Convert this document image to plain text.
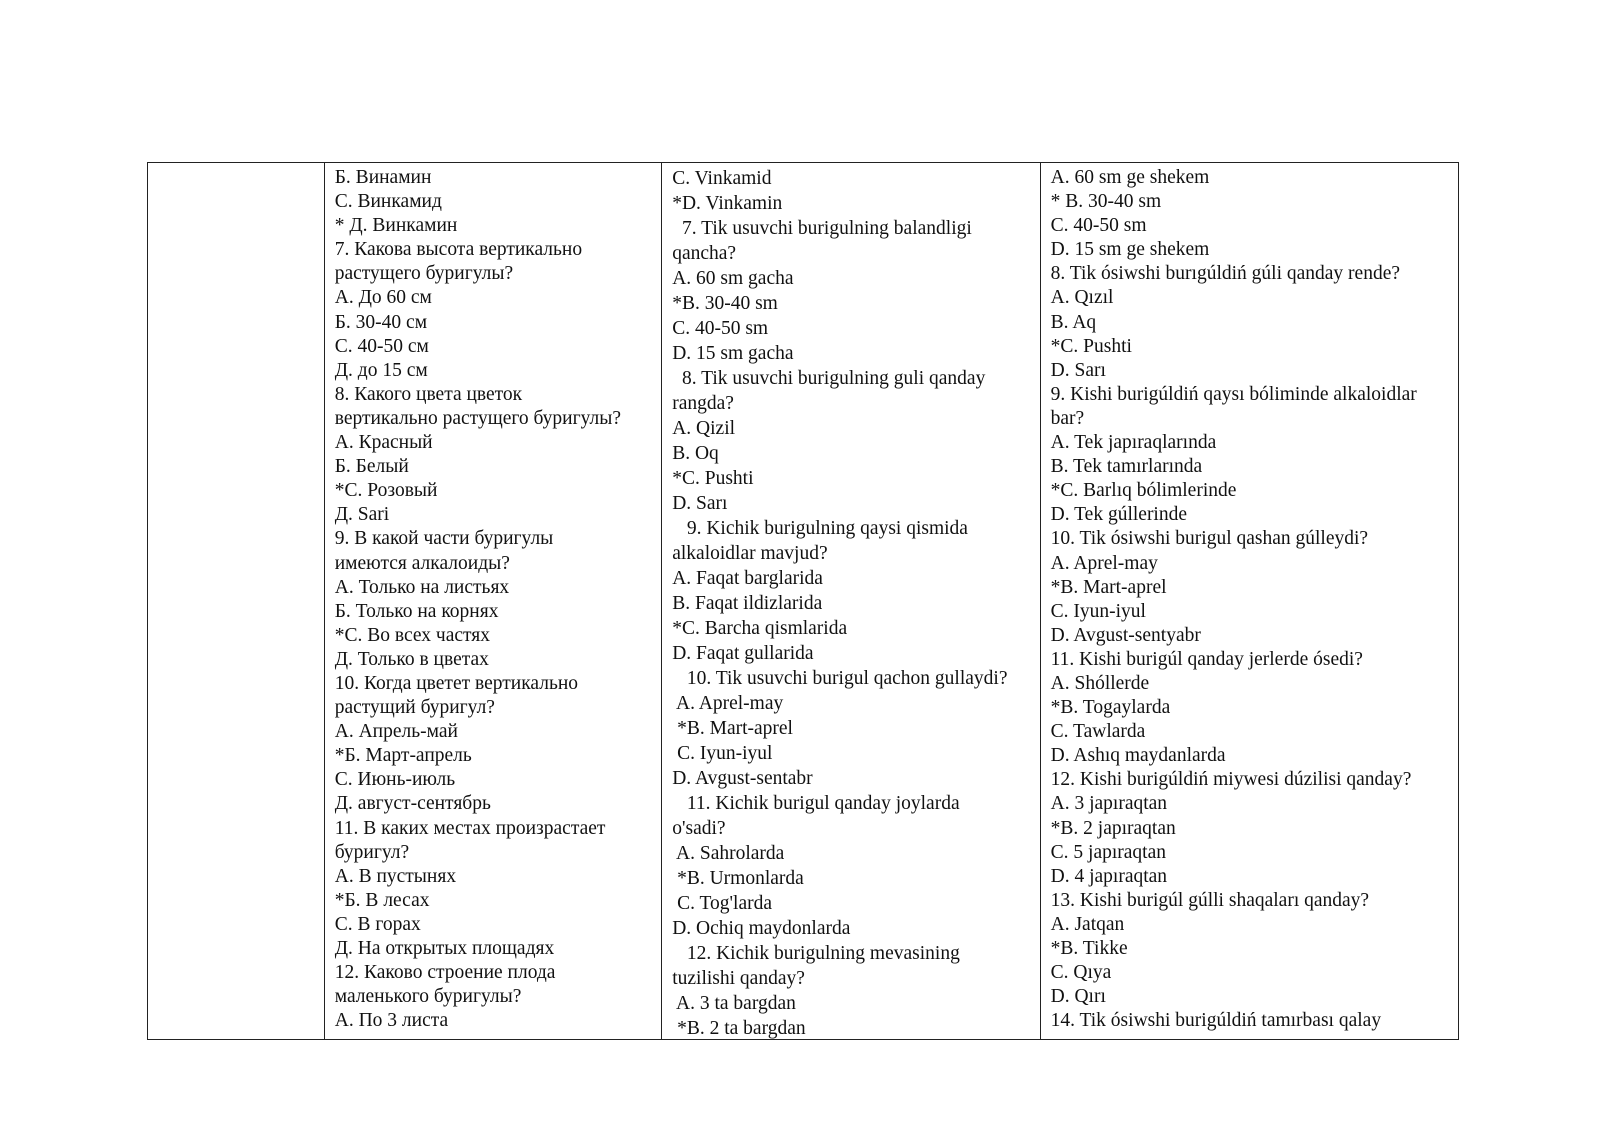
Б. Винамин
С. Винкамид
* Д. Винкамин
7. Какова высота вертикально
растущего буригулы?
А. До 60 см
Б. 30-40 см
С. 40-50 см
Д. до 15 см
8. Какого цвета цветок
вертикально растущего буригулы?
А. Красный
Б. Белый
*С. Розовый
Д. Sari
9. В какой части буригулы
имеются алкалоиды?
А. Только на листьях
Б. Только на корнях
*С. Во всех частях
Д. Только в цветах
10. Когда цветет вертикально
растущий буригул?
А. Апрель-май
*Б. Март-апрель
С. Июнь-июль
Д. август-сентябрь
11. В каких местах произрастает
буригул?
А. В пустынях
*Б. В лесах
С. В горах
Д. На открытых площадях
12. Каково строение плода
маленького буригулы?
А. По 3 листа
C. Vinkamid
*D. Vinkamin
7. Tik usuvchi burigulning balandligi
qancha?
A. 60 sm gacha
*B. 30-40 sm
C. 40-50 sm
D. 15 sm gacha
8. Tik usuvchi burigulning guli qanday
rangda?
A. Qizil
B. Oq
*C. Pushti
D. Sarı
9. Kichik burigulning qaysi qismida
alkaloidlar mavjud?
A. Faqat barglarida
B. Faqat ildizlarida
*C. Barcha qismlarida
D. Faqat gullarida
10. Tik usuvchi burigul qachon gullaydi?
A. Aprel-may
*B. Mart-aprel
C. Iyun-iyul
D. Avgust-sentabr
11. Kichik burigul qanday joylarda
o'sadi?
A. Sahrolarda
*B. Urmonlarda
C. Tog'larda
D. Ochiq maydonlarda
12. Kichik burigulning mevasining
tuzilishi qanday?
A. 3 ta bargdan
*B. 2 ta bargdan
A. 60 sm ge shekem
* B. 30-40 sm
C. 40-50 sm
D. 15 sm ge shekem
8. Tik ósiwshi burıgúldiń gúli qanday rende?
A. Qızıl
B. Aq
*C. Pushti
D. Sarı
9. Kishi burigúldiń qaysı bóliminde alkaloidlar
bar?
A. Tek japıraqlarında
B. Tek tamırlarında
*C. Barlıq bólimlerinde
D. Tek gúllerinde
10. Tik ósiwshi burigul qashan gúlleydi?
A. Aprel-may
*B. Mart-aprel
C. Iyun-iyul
D. Avgust-sentyabr
11. Kishi burigúl qanday jerlerde ósedi?
A. Shóllerde
*B. Togaylarda
C. Tawlarda
D. Ashıq maydanlarda
12. Kishi burigúldiń miywesi dúzilisi qanday?
A. 3 japıraqtan
*B. 2 japıraqtan
C. 5 japıraqtan
D. 4 japıraqtan
13. Kishi burigúl gúlli shaqaları qanday?
A. Jatqan
*B. Tikke
C. Qıya
D. Qırı
14. Tik ósiwshi burigúldiń tamırbası qalay
